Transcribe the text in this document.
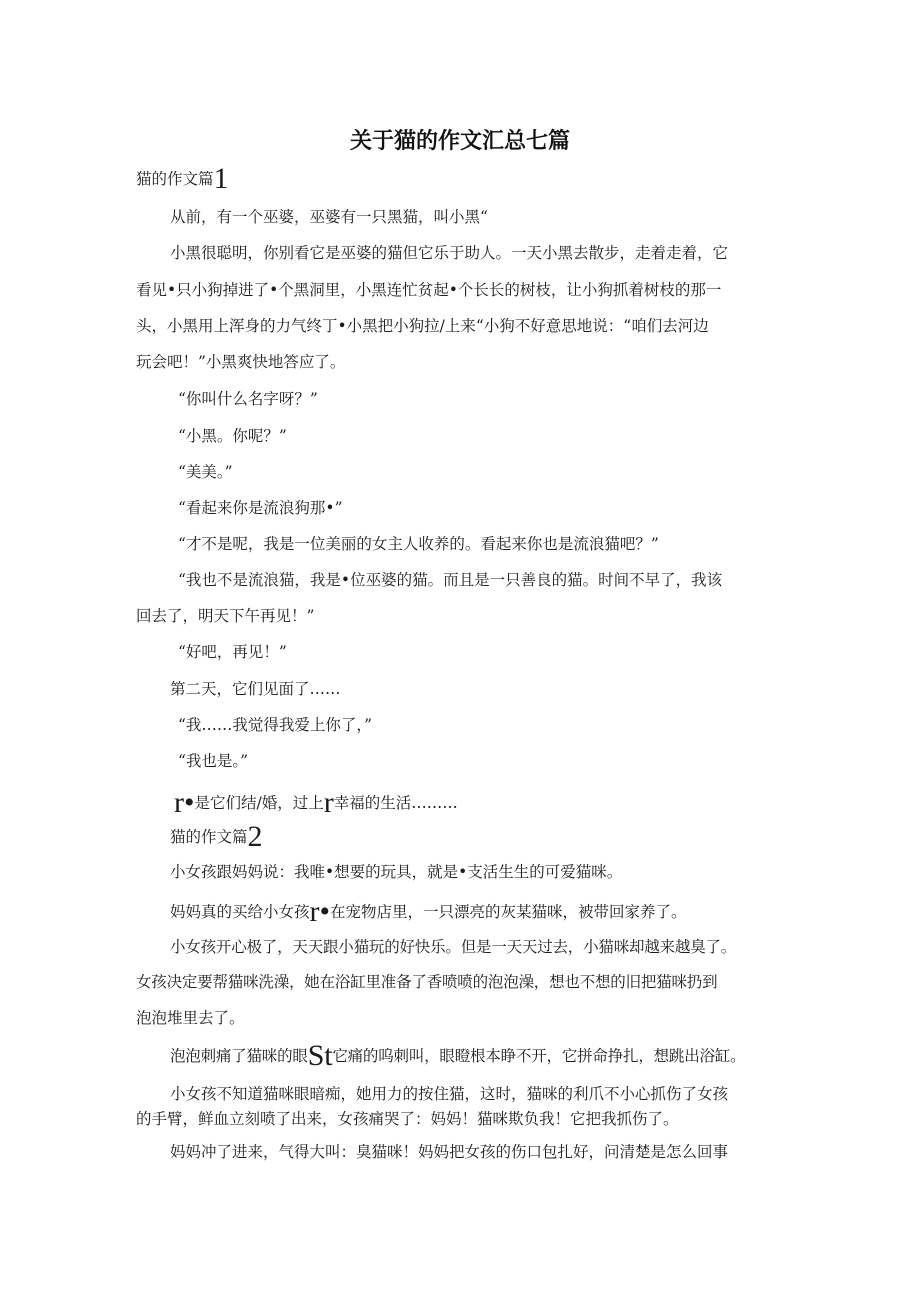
关于猫的作文汇总七篇
猫的作文篇1
从前，有一个巫婆，巫婆有一只黑猫，叫小黑“
小黑很聪明，你别看它是巫婆的猫但它乐于助人。一天小黑去散步，走着走着，它
看见•只小狗掉进了•个黑洞里，小黑连忙贫起•个长长的树枝，让小狗抓着树枝的那一
头，小黑用上浑身的力气终丁•小黑把小狗拉/上来“小狗不好意思地说：“咱们去河边
玩会吧！”小黑爽快地答应了。
“你叫什么名字呀？”
“小黑。你呢？”
“美美。”
“看起来你是流浪狗那•”
“才不是呢，我是一位美丽的女主人收养的。看起来你也是流浪猫吧？”
“我也不是流浪猫，我是•位巫婆的猫。而且是一只善良的猫。时间不早了，我该
回去了，明天下午再见！”
“好吧，再见！”
第二天，它们见面了……
“我……我觉得我爱上你了，”
“我也是。”
r•是它们结/婚，过上r幸福的生活………
猫的作文篇2
小女孩跟妈妈说：我唯•想要的玩具，就是•支活生生的可爱猫咪。
妈妈真的买给小女孩r•在宠物店里，一只漂亮的灰某猫咪，被带回家养了。
小女孩开心极了，天天跟小猫玩的好快乐。但是一天天过去，小猫咪却越来越臭了。
女孩决定要帮猫咪洗澡，她在浴缸里准备了香喷喷的泡泡澡，想也不想的旧把猫咪扔到
泡泡堆里去了。
泡泡刺痛了猫咪的眼St它痛的呜刺叫，眼瞪根本睁不开，它拼命挣扎，想跳出浴缸。
小女孩不知道猫咪眼暗痴，她用力的按住猫，这时，猫咪的利爪不小心抓伤了女孩
的手臂，鲜血立刻喷了出来，女孩痛哭了：妈妈！猫咪欺负我！它把我抓伤了。
妈妈冲了进来，气得大叫：臭猫咪！妈妈把女孩的伤口包扎好，问清楚是怎么回事
